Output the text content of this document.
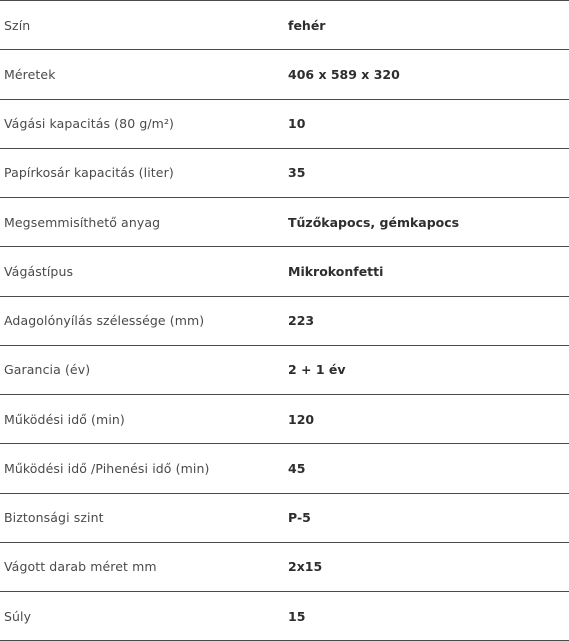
Szín	fehér
Méretek	406 x 589 x 320
Vágási kapacitás (80 g/m²)	10
Papírkosár kapacitás (liter)	35
Megsemmisíthető anyag	Tűzőkapocs, gémkapocs
Vágástípus	Mikrokonfetti
Adagolónyílás szélessége (mm)	223
Garancia (év)	2 + 1 év
Működési idő (min)	120
Működési idő /Pihenési idő (min)	45
Biztonsági szint	P-5
Vágott darab méret mm	2x15
Súly	15
